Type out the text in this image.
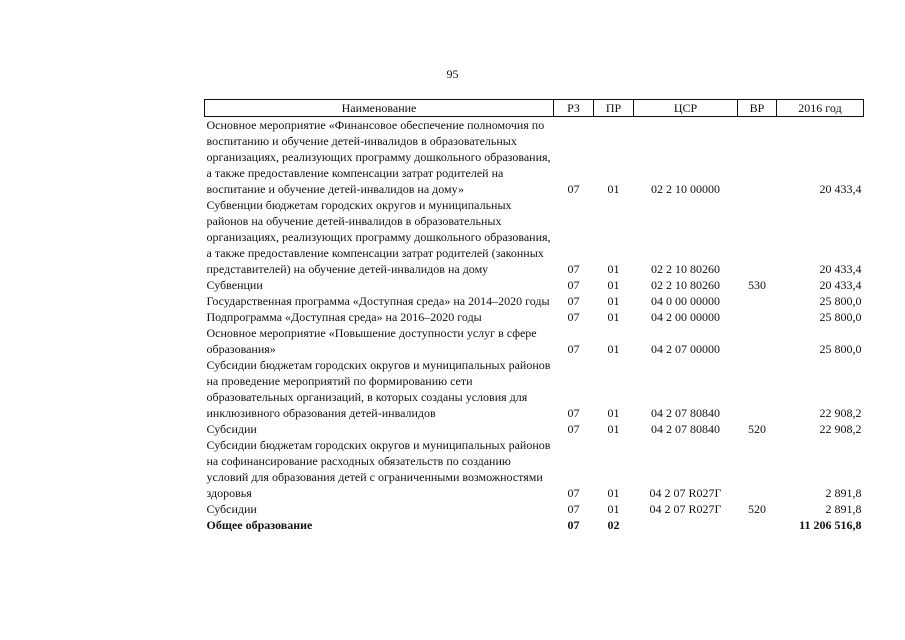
95
Наименование	РЗ	ПР	ЦСР	ВР	2016 год
Основное мероприятие «Финансовое обеспечение полномочия по воспитанию и обучение детей-инвалидов в образовательных организациях, реализующих программу дошкольного образования, а также предоставление компенсации затрат родителей на воспитание и обучение детей-инвалидов на дому»	07	01	02 2 10 00000		20 433,4
Субвенции бюджетам городских округов и муниципальных районов на обучение детей-инвалидов в образовательных организациях, реализующих программу дошкольного образования, а также предоставление компенсации затрат родителей (законных представителей) на обучение детей-инвалидов на дому	07	01	02 2 10 80260		20 433,4
Субвенции	07	01	02 2 10 80260	530	20 433,4
Государственная программа «Доступная среда» на 2014–2020 годы	07	01	04 0 00 00000		25 800,0
Подпрограмма «Доступная среда» на 2016–2020 годы	07	01	04 2 00 00000		25 800,0
Основное мероприятие «Повышение доступности услуг в сфере образования»	07	01	04 2 07 00000		25 800,0
Субсидии бюджетам городских округов и муниципальных районов на проведение мероприятий по формированию сети образовательных организаций, в которых созданы условия для инклюзивного образования детей-инвалидов	07	01	04 2 07 80840		22 908,2
Субсидии	07	01	04 2 07 80840	520	22 908,2
Субсидии бюджетам городских округов и муниципальных районов на софинансирование расходных обязательств по созданию условий для образования детей с ограниченными возможностями здоровья	07	01	04 2 07 R027Г		2 891,8
Субсидии	07	01	04 2 07 R027Г	520	2 891,8
Общее образование	07	02			11 206 516,8
